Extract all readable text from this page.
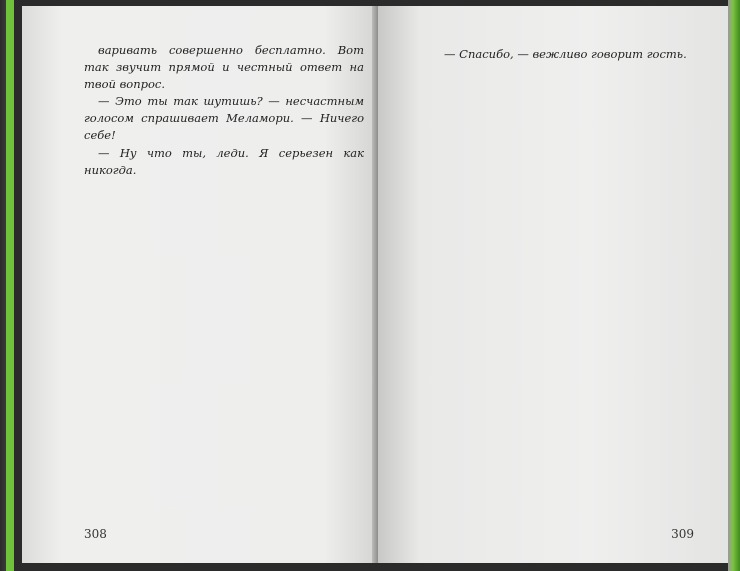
варивать совершенно бесплатно. Вот так звучит прямой и честный ответ на твой вопрос.

— Это ты так шутишь? — несчастным голосом спрашивает Меламори. — Ничего себе!

— Ну что ты, леди. Я серьезен как никогда.

308

— Спасибо, — вежливо говорит гость.

309
